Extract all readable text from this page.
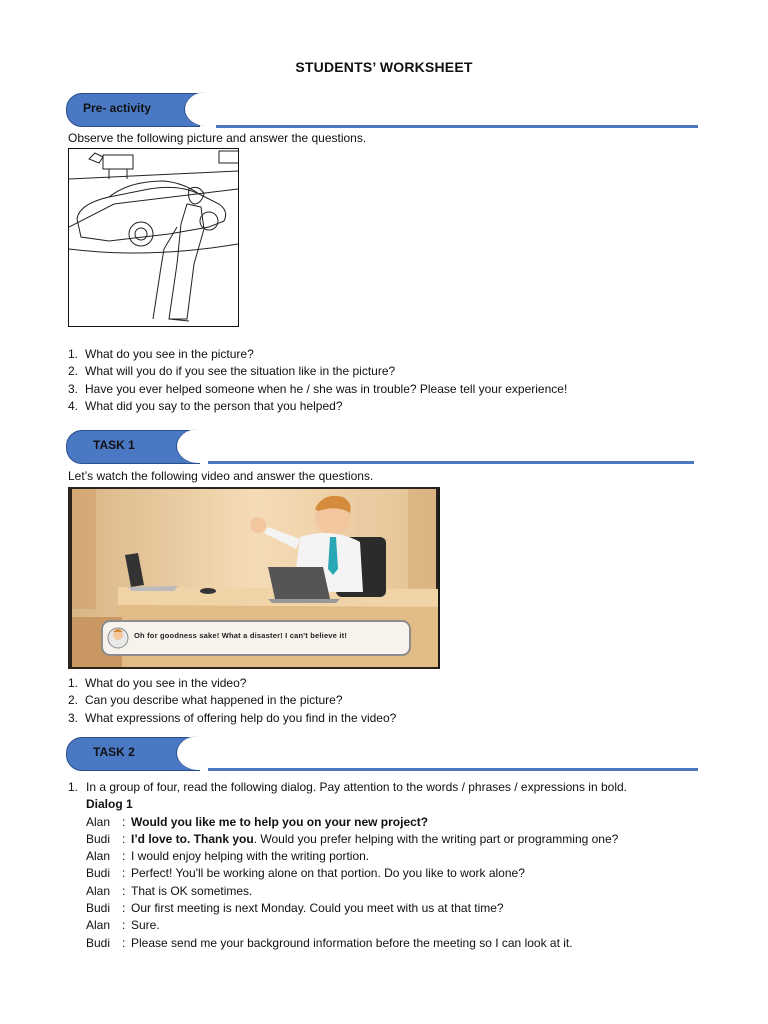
STUDENTS’ WORKSHEET
Pre- activity
Observe the following picture and answer the questions.
1. What do you see in the picture?
2. What will you do if you see the situation like in the picture?
3. Have you ever helped someone when he / she was in trouble? Please tell your experience!
4. What did you say to the person that you helped?
TASK 1
Let’s watch the following video and answer the questions.
Oh for goodness sake! What a disaster! I can't believe it!
1. What do you see in the video?
2. Can you describe what happened in the picture?
3. What expressions of offering help do you find in the video?
TASK 2
1. In a group of four, read the following dialog. Pay attention to the words / phrases / expressions in bold.
Dialog 1
Alan : Would you like me to help you on your new project?
Budi : I’d love to. Thank you. Would you prefer helping with the writing part or programming one?
Alan : I would enjoy helping with the writing portion.
Budi : Perfect! You'll be working alone on that portion. Do you like to work alone?
Alan : That is OK sometimes.
Budi : Our first meeting is next Monday. Could you meet with us at that time?
Alan : Sure.
Budi : Please send me your background information before the meeting so I can look at it.
